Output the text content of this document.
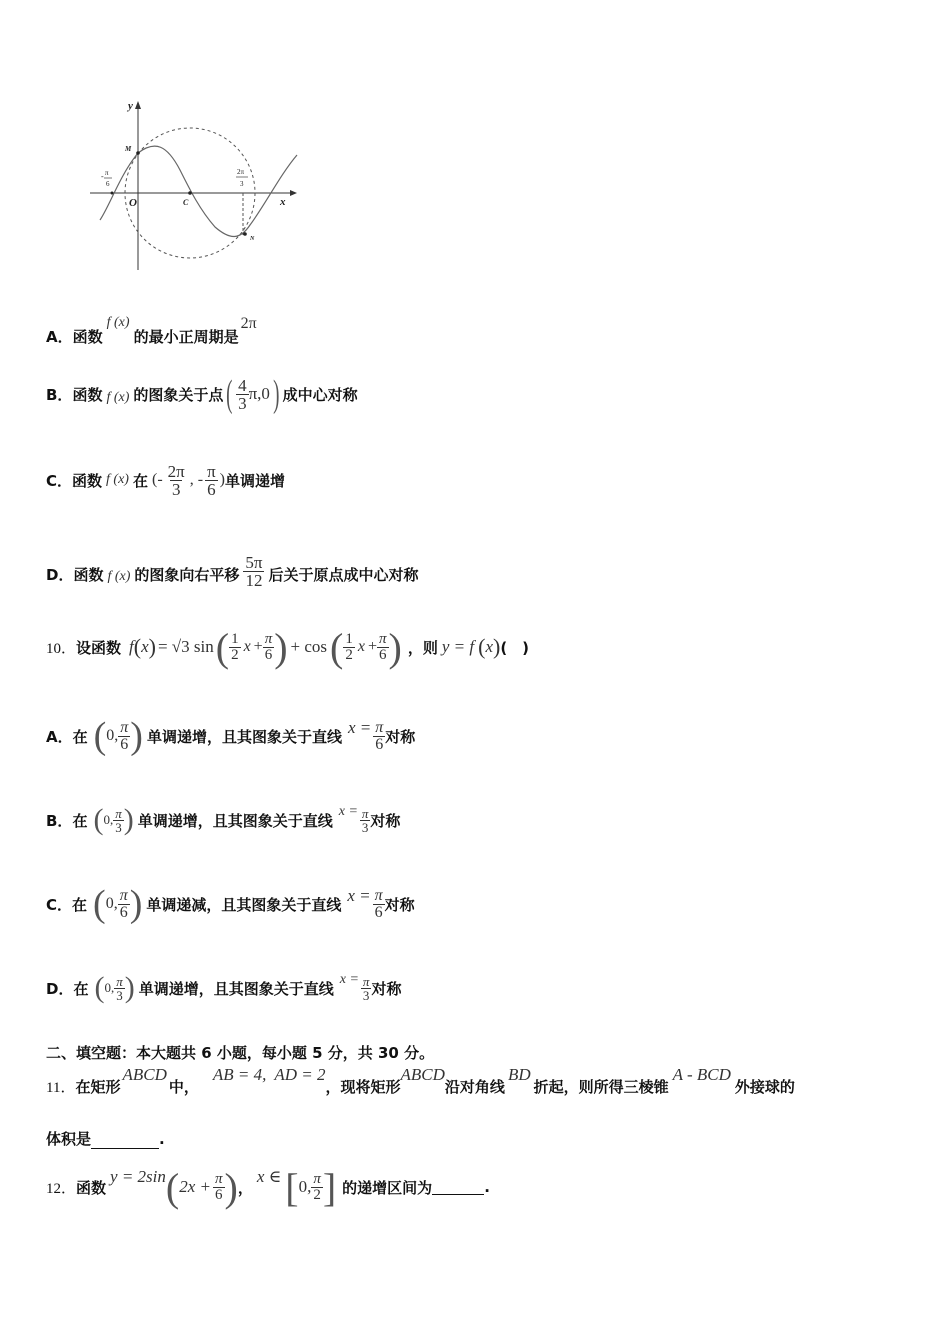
y
x
O
M
C
N
- π
6
2π
3
A．函数f (x)的最小正周期是2π
B． 函数 f (x) 的图象关于点 ( $\frac{4}{3} \pi,0$ ) 成中心对称
C． 函数 f (x) 在 (- $\frac{2\pi}{3}$ , - $\frac{\pi}{6}$ ) 单调递增
D． 函数 f (x) 的图象向右平移 $\frac{5\pi}{12}$ 后关于原点成中心对称
10． 设函数 f ( x ) = √3 sin ( $\frac{1}{2}$ $x + \frac{\pi}{6}$ ) + cos ( $\frac{1}{2}$ $x + \frac{\pi}{6}$ ) ，则 y = f ( x ) (　)
A． 在 ( 0, $\frac{\pi}{6}$ ) 单调递增，且其图象关于直线 $x = \frac{\pi}{6}$ 对称
B． 在 ( 0, $\frac{\pi}{3}$ ) 单调递增，且其图象关于直线 $x = \frac{\pi}{3}$ 对称
C． 在 ( 0, $\frac{\pi}{6}$ ) 单调递减，且其图象关于直线 $x = \frac{\pi}{6}$ 对称
D． 在 ( 0, $\frac{\pi}{3}$ ) 单调递增，且其图象关于直线 $x = \frac{\pi}{3}$ 对称
二、填空题：本大题共 6 小题，每小题 5 分，共 30 分。
11． 在矩形
ABCD
中，
AB = 4, AD = 2
，现将矩形
ABCD
沿对角线
BD
折起，则所得三棱锥
A - BCD
外接球的
体积是	.
12． 函数
y = 2sin ( $2x + \frac{\pi}{6}$ ) ，
x ∈ [ 0, $\frac{\pi}{2}$ ] 的递增区间为	.
